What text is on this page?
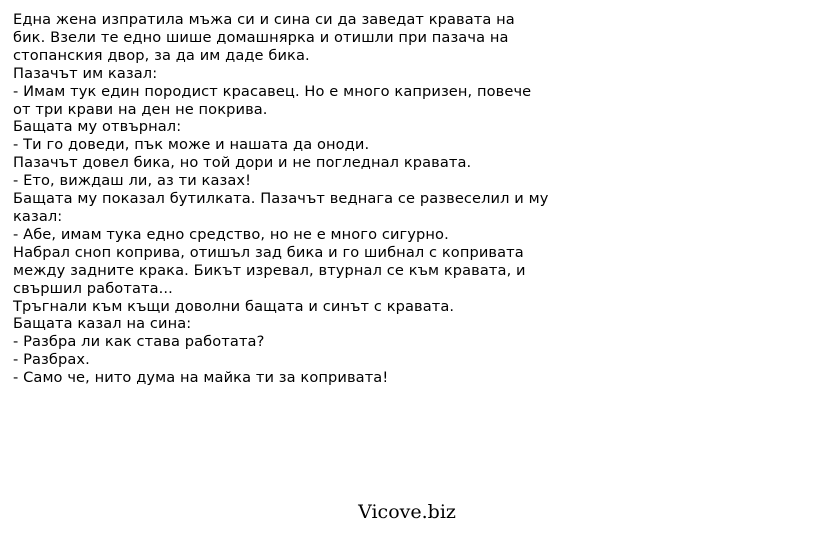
Една жена изпратила мъжа си и сина си да заведат кравата на
бик. Взели те едно шише домашнярка и отишли при пазача на
стопанския двор, за да им даде бика.
Пазачът им казал:
- Имам тук един породист красавец. Но е много капризен, повече
от три крави на ден не покрива.
Бащата му отвърнал:
- Ти го доведи, пък може и нашата да оноди.
Пазачът довел бика, но той дори и не погледнал кравата.
- Ето, виждаш ли, аз ти казах!
Бащата му показал бутилката. Пазачът веднага се развеселил и му
казал:
- Абе, имам тука едно средство, но не е много сигурно.
Набрал сноп коприва, отишъл зад бика и го шибнал с копривата
между задните крака. Бикът изревал, втурнал се към кравата, и
свършил работата...
Тръгнали към къщи доволни бащата и синът с кравата.
Бащата казал на сина:
- Разбра ли как става работата?
- Разбрах.
- Само че, нито дума на майка ти за копривата!
Vicove.biz
